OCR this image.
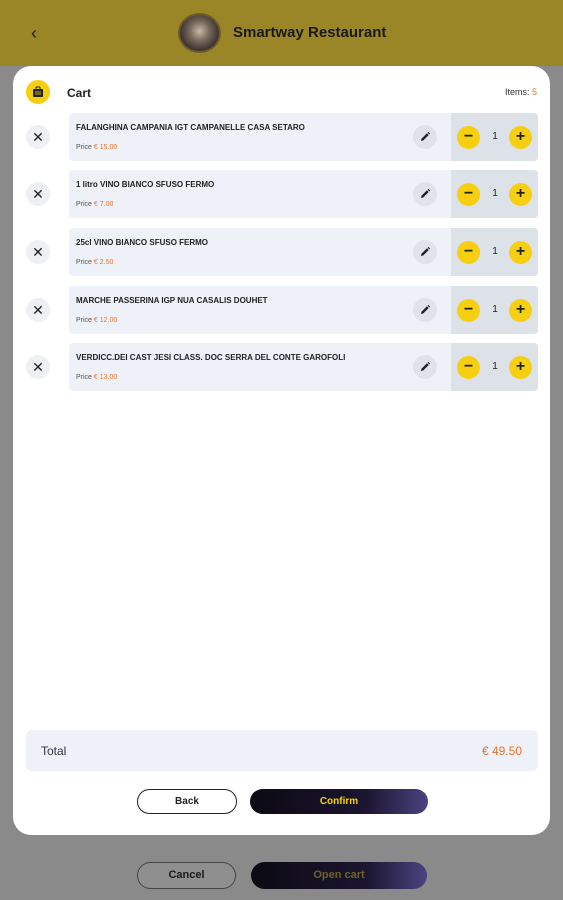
‹	Smartway Restaurant
Cancel	Open cart
Cart	Items: 5
✕
FALANGHINA CAMPANIA IGT CAMPANELLE CASA SETARO
Price € 15.00
−	1	+
✕
1 litro VINO BIANCO SFUSO FERMO
Price € 7.00
−	1	+
✕
25cl VINO BIANCO SFUSO FERMO
Price € 2.50
−	1	+
✕
MARCHE PASSERINA IGP NUA CASALIS DOUHET
Price € 12.00
−	1	+
✕
VERDICC.DEI CAST JESI CLASS. DOC SERRA DEL CONTE GAROFOLI
Price € 13.00
−	1	+
Total	€ 49.50
Back	Confirm
